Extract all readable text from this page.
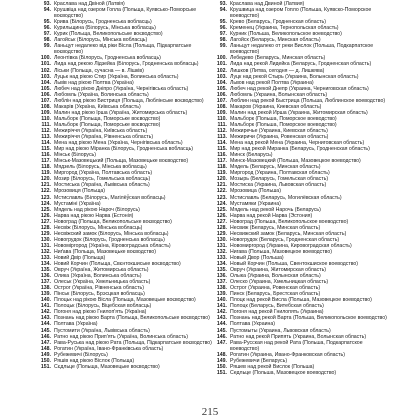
93. Краслава над Двіной (Латвія)
94. Крушвіца над озером Гопла (Польща, Куявсько-Поморське воєводство)
95. Кривa (Білорусь, Гродненська вобласць)
96. Курильщина (Білорусь, Мінська вобласць)
97. Курик (Польща, Великопольське воєводство)
98. Лагойськ (Білорусь, Мінська вобласць)
99. Ланьцут недалеко від ріки Вісла (Польща, Підкарпатське воєводство)
100. Леонтівка (Білорусь, Гродненська вобласць)
101. Лида над рекою Лідзейка (Білорусь, Гродненська вобласць)
102. Ліськи (Польща, сучасна — в. Лішків)
103. Луцьк над рікою Стир (Україна, Волинська область)
104. Львів над рікою Полтва (Україна)
105. Любеч над рікою Дніпро (Україна, Чернігівська область)
106. Любомль (Україна, Волинська область)
107. Люблін над рікою Бистриця (Польща, Люблінське воєводство)
108. Макарів (Україна, Київська область)
109. Малин над рікою Ірша (Україна, Житомирська область)
110. Мальборк (Польща, Поморське воєводство)
111. Мальборк (Польща, Поморське воєводство)
112. Межиріччя (Україна, Київська область)
113. Межиріччя (Україна, Рівненська область)
114. Мена над рікою Мена (Україна, Чернігівська область)
115. Мир над рікою Міранка (Білорусь, Гродненська вобласць)
116. Мінськ (Білорусь)
117. Мінськ-Мазовецький (Польща, Мазовецьке воєводство)
118. Мядзель (Білорусь, Мінська вобласць)
119. Миргород (Україна, Полтавська область)
120. Мозир (Білорусь, Гомельська вобласць)
121. Мостиська (Україна, Львівська область)
122. Мрозовиця (Польща)
123. Мстиславль (Білорусь, Магілёўская вобласць)
124. Мустаміні (Україна)
125. Мядель над рікою Нароч (Білорусь)
126. Нарва над рікою Нарва (Естонія)
127. Новоград (Польща, Великопольське воєводство)
128. Несвіж (Білорусь, Мінська вобласць)
129. Несвіжский замок (Білорусь, Мінська вобласць)
130. Новогрудок (Білорусь, Гродненська вобласць)
131. Новоміргород (Україна, Кіровоградська область)
132. Ниґава (Польща, Мазовецьке воєводство)
133. Новий Двір (Польща)
134. Новий Корчин (Польща, Свєнтокшиське воєводство)
135. Овруч (Україна, Житомирська область)
136. Олика (Україна, Волинська область)
137. Олеськ (Україна, Хмельницька область)
138. Острог (Україна, Рівненська область)
139. Пінськ (Білорусь, Брэсцкая вобласць)
140. Плоцьк над рікою Вісла (Польща, Мазовецьке воєводство)
141. Полоцьк (Білорусь, Віцебская вобласць)
142. Погоня над рікою Гнилоп'ять (Україна)
143. Познань над рікою Варта (Польща, Великопольське воєводство)
144. Полтава (Україна)
145. Пустомити (Україна, Львівська область)
146. Ратно над рікою Прип'ять (Україна, Волинська область)
147. Рава-Руська над рікою Рата (Польща, Підкарпатське воєводство)
148. Рогатин (Україна, Івано-Франківська область)
149. Рубежевичі (Білорусь)
150. Ряшів над рікою Віслок (Польща)
151. Сєдльце (Польща, Мазовецьке воєводство)
93. Краслава над Двиной (Латвия)
94. Крушвица над озером Гопло (Польша, Куявско-Поморское воеводство)
95. Крево (Беларусь, Гродненская область)
96. Кременец (Украина, Тернопольская область)
97. Курник (Польша, Великопольское воеводство)
98. Лагойск (Беларусь, Минская область)
99. Ланьцут недалеко от реки Вислок (Польша, Подкарпатское воеводство)
100. Лебедево (Беларусь, Минская область)
101. Лида над рекой Лидейка (Беларусь, Гродненская область)
102. Лишков (Литва, сегодня — д. Лишкява)
103. Луцк над рекой Стырь (Украина, Волынская область)
104. Львов над рекой Полтва (Украина)
105. Любеч над рекой Днепр (Украина, Черниговская область)
106. Любомль (Украина, Волынская область)
107. Люблин над рекой Быстрица (Польша, Люблинское воеводство)
108. Макаров (Украина, Киевская область)
109. Малин над рекой Ирша (Украина, Житомирская область)
110. Мальборк (Польша, Поморское воеводство)
111. Мальборк (Польша, Поморское воеводство)
112. Межиречье (Украина, Киевская область)
113. Межиричи (Украина, Ровенская область)
114. Мена над рекой Мена (Украина, Черниговская область)
115. Мир над рекой Миранка (Беларусь, Гродненская область)
116. Минск (Беларусь)
117. Минск-Мазовецкий (Польша, Мазовецкое воеводство)
118. Мядель (Беларусь, Минская область)
119. Миргород (Украина, Полтавская область)
120. Мозырь (Беларусь, Гомельская область)
121. Мостиска (Украина, Львовская область)
122. Мрозовица (Польша)
123. Мстиславль (Беларусь, Могилёвская область)
124. Мустамяки (Украина)
125. Мядель над рекой Нарочь (Беларусь)
126. Нарва над рекой Нарва (Эстония)
127. Новоград (Польша, Великопольское воеводство)
128. Несвиж (Беларусь, Минская область)
129. Несвижский замок (Беларусь, Минская область)
130. Новогрудок (Беларусь, Гродненская область)
131. Новомиргород (Украина, Кировоградская область)
132. Нигава (Польша, Мазовецкое воеводство)
133. Новый Двор (Польша)
134. Новый Корчин (Польша, Свентокшиское воеводство)
135. Овруч (Украина, Житомирская область)
136. Олыка (Украина, Волынская область)
137. Олеско (Украина, Хмельницкая область)
138. Острог (Украина, Ровенская область)
139. Пинск (Беларусь, Брестская область)
140. Плоцк над рекой Висла (Польша, Мазовецкое воеводство)
141. Полоцк (Беларусь, Витебская область)
142. Погоня над рекой Гнилопять (Украина)
143. Познань над рекой Варта (Польша, Великопольское воеводство)
144. Полтава (Украина)
145. Пустомыты (Украина, Львовская область)
146. Ратно над рекой Припять (Украина, Волынская область)
147. Рава-Русская над рекой Рата (Польша, Подкарпатское воеводство)
148. Рогатин (Украина, Ивано-Франковская область)
149. Рубежевичи (Беларусь)
150. Ряшев над рекой Вислок (Польша)
151. Седльце (Польша, Мазовецкое воеводство)
215
